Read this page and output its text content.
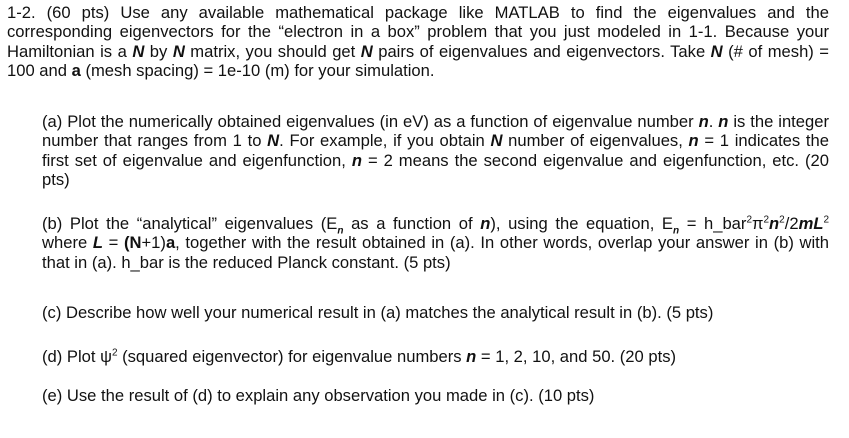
1-2. (60 pts) Use any available mathematical package like MATLAB to find the eigenvalues and the corresponding eigenvectors for the “electron in a box” problem that you just modeled in 1-1. Because your Hamiltonian is a N by N matrix, you should get N pairs of eigenvalues and eigenvectors. Take N (# of mesh) = 100 and a (mesh spacing) = 1e-10 (m) for your simulation.

(a) Plot the numerically obtained eigenvalues (in eV) as a function of eigenvalue number n. n is the integer number that ranges from 1 to N. For example, if you obtain N number of eigenvalues, n = 1 indicates the first set of eigenvalue and eigenfunction, n = 2 means the second eigenvalue and eigenfunction, etc. (20 pts)

(b) Plot the “analytical” eigenvalues ($E_n$ as a function of n), using the equation, $E_n$ = $h\_bar^2\pi^2n^2/2mL^2$ where L = (N+1)a, together with the result obtained in (a). In other words, overlap your answer in (b) with that in (a). h_bar is the reduced Planck constant. (5 pts)

(c) Describe how well your numerical result in (a) matches the analytical result in (b). (5 pts)

(d) Plot $\psi^2$ (squared eigenvector) for eigenvalue numbers n = 1, 2, 10, and 50. (20 pts)

(e) Use the result of (d) to explain any observation you made in (c). (10 pts)
